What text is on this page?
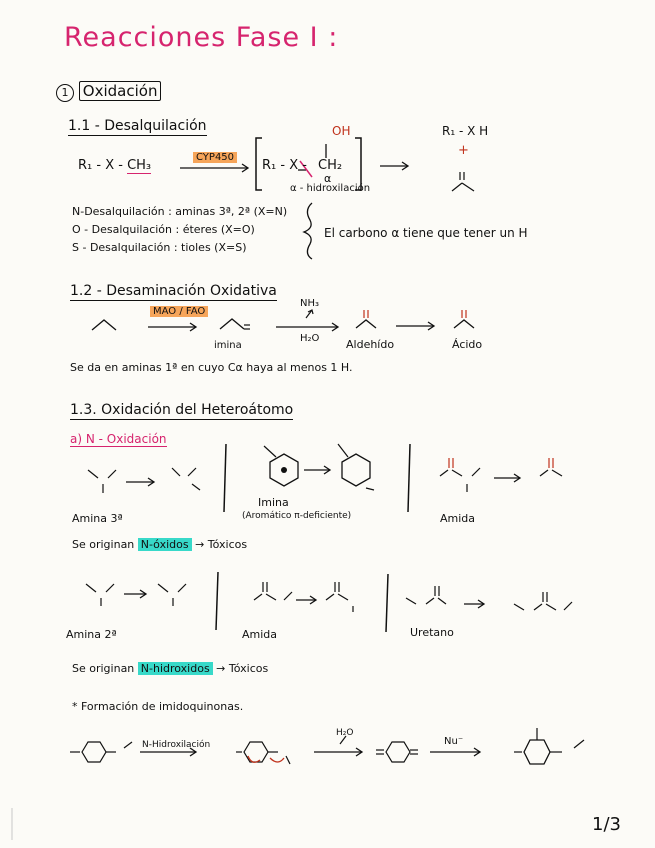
Reacciones Fase I :
1 Oxidación
1.1 - Desalquilación
R₁ - X - CH₃
CYP450
OH
R₁ - X - CH₂
α
α - hidroxilación
R₁ - X H
+
N-Desalquilación : aminas 3ª, 2ª (X=N)
O - Desalquilación : éteres (X=O)
S - Desalquilación : tioles (X=S)
El carbono α tiene que tener un H
1.2 - Desaminación Oxidativa
MAO / FAO
NH₃
H₂O
imina	Aldehído	Ácido
Se da en aminas 1ª en cuyo Cα haya al menos 1 H.
1.3. Oxidación del Heteroátomo
a) N - Oxidación
Amina 3ª
Imina
(Aromático π-deficiente)	Amida
Se originan N-óxidos → Tóxicos
Amina 2ª	Amida	Uretano
Se originan N-hidroxidos → Tóxicos
* Formación de imidoquinonas.
N-Hidroxilación
H₂O
Nu⁻
1/3
